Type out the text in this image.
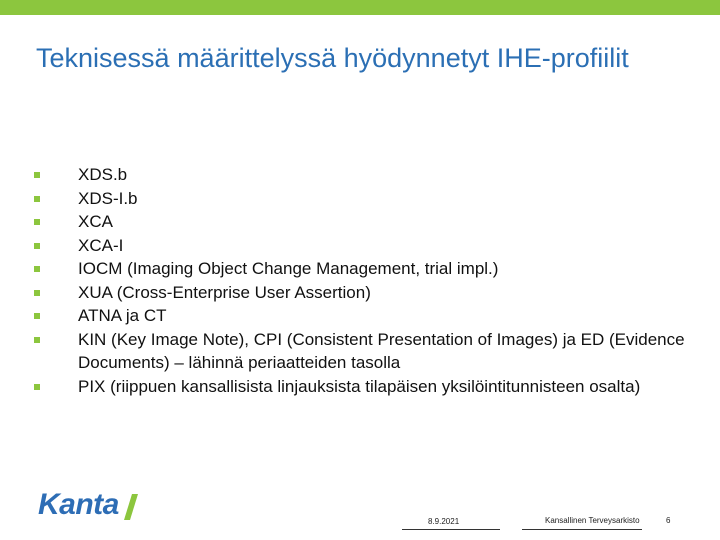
Teknisessä määrittelyssä hyödynnetyt IHE-profiilit
XDS.b
XDS-I.b
XCA
XCA-I
IOCM (Imaging Object Change Management, trial impl.)
XUA (Cross-Enterprise User Assertion)
ATNA ja CT
KIN (Key Image Note), CPI (Consistent Presentation of Images) ja ED (Evidence Documents) – lähinnä periaatteiden tasolla
PIX (riippuen kansallisista linjauksista tilapäisen yksilöintitunnisteen osalta)
Kanta
8.9.2021	Kansallinen Terveysarkisto	6
